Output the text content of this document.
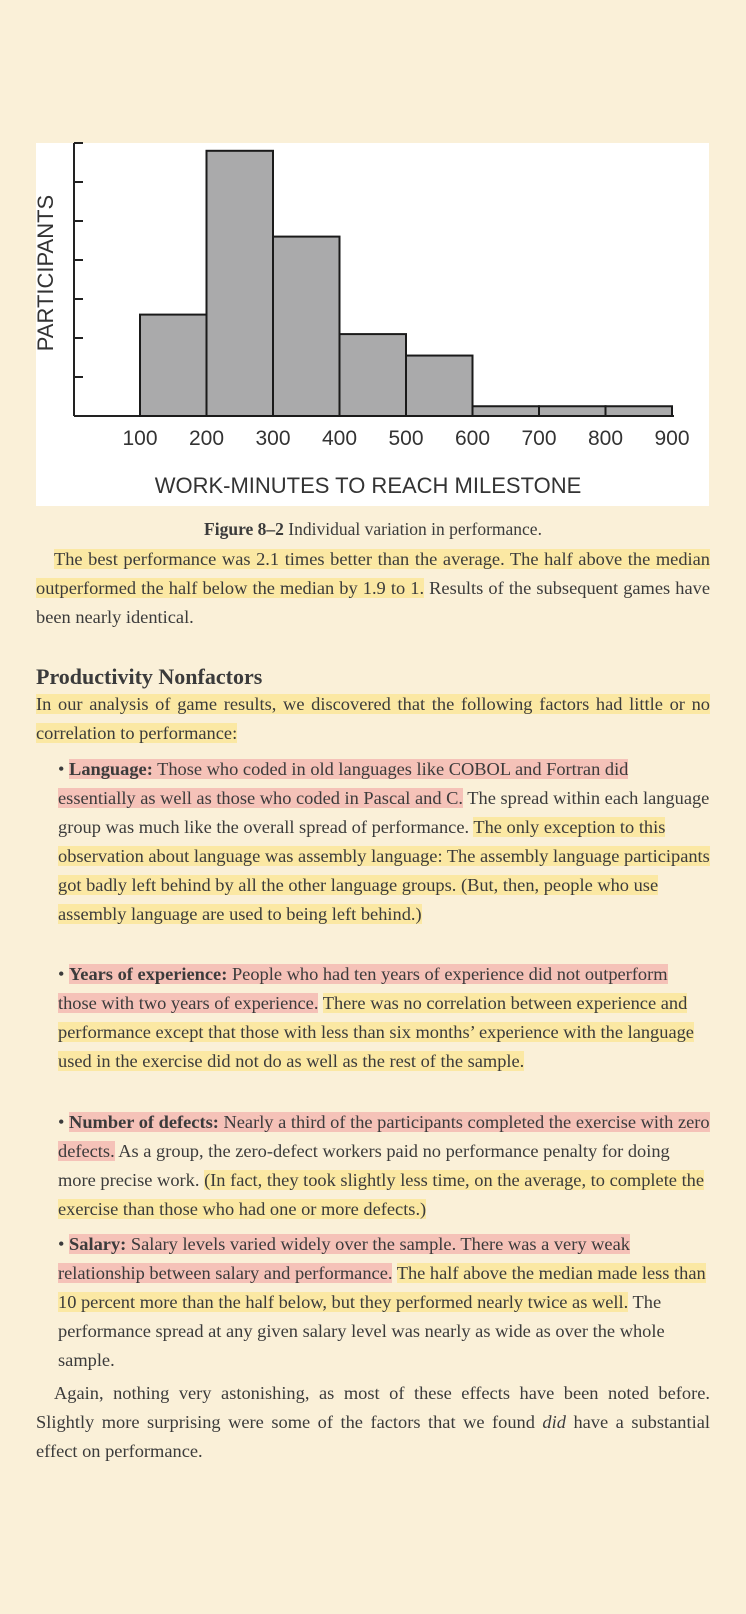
PARTICIPANTS
WORK-MINUTES TO REACH MILESTONE
100 200 300 400 500 600 700 800 900
Figure 8–2 Individual variation in performance.

The best performance was 2.1 times better than the average. The half above the median outperformed the half below the median by 1.9 to 1. Results of the subsequent games have been nearly identical.

Productivity Nonfactors

In our analysis of game results, we discovered that the following factors had little or no correlation to performance:

• Language: Those who coded in old languages like COBOL and Fortran did essentially as well as those who coded in Pascal and C. The spread within each language group was much like the overall spread of performance. The only exception to this observation about language was assembly language: The assembly language participants got badly left behind by all the other language groups. (But, then, people who use assembly language are used to being left behind.)

• Years of experience: People who had ten years of experience did not outperform those with two years of experience. There was no correlation between experience and performance except that those with less than six months’ experience with the language used in the exercise did not do as well as the rest of the sample.

• Number of defects: Nearly a third of the participants completed the exercise with zero defects. As a group, the zero-defect workers paid no performance penalty for doing more precise work. (In fact, they took slightly less time, on the average, to complete the exercise than those who had one or more defects.)

• Salary: Salary levels varied widely over the sample. There was a very weak relationship between salary and performance. The half above the median made less than 10 percent more than the half below, but they performed nearly twice as well. The performance spread at any given salary level was nearly as wide as over the whole sample.

Again, nothing very astonishing, as most of these effects have been noted before. Slightly more surprising were some of the factors that we found did have a substantial effect on performance.
